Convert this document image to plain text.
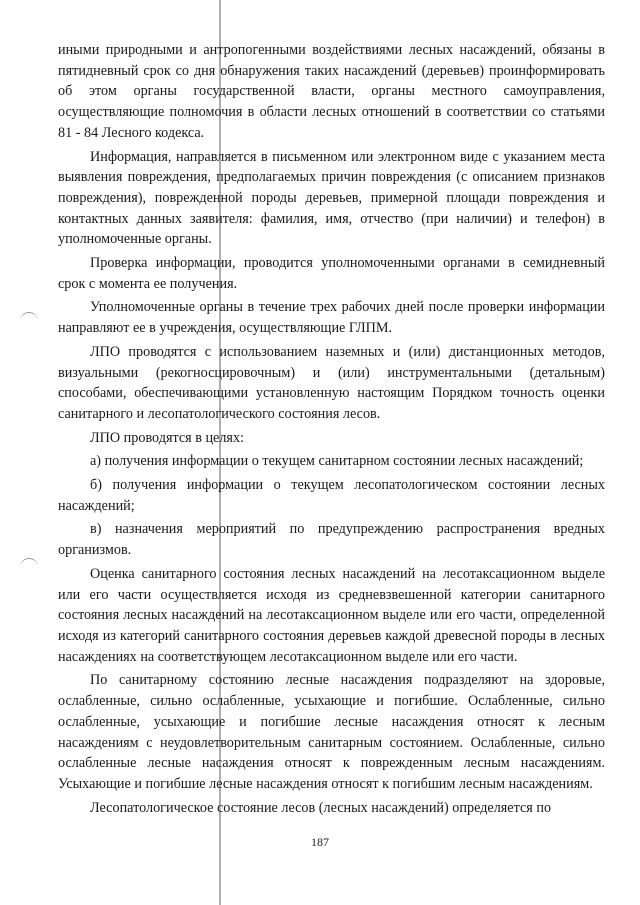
иными природными и антропогенными воздействиями лесных насаждений, обязаны в пятидневный срок со дня обнаружения таких насаждений (деревьев) проинформировать об этом органы государственной власти, органы местного самоуправления, осуществляющие полномочия в области лесных отношений в соответствии со статьями 81 - 84 Лесного кодекса.

Информация, направляется в письменном или электронном виде с указанием места выявления повреждения, предполагаемых причин повреждения (с описанием признаков повреждения), поврежденной породы деревьев, примерной площади повреждения и контактных данных заявителя: фамилия, имя, отчество (при наличии) и телефон) в уполномоченные органы.

Проверка информации, проводится уполномоченными органами в семидневный срок с момента ее получения.

Уполномоченные органы в течение трех рабочих дней после проверки информации направляют ее в учреждения, осуществляющие ГЛПМ.

ЛПО проводятся с использованием наземных и (или) дистанционных методов, визуальными (рекогносцировочным) и (или) инструментальными (детальным) способами, обеспечивающими установленную настоящим Порядком точность оценки санитарного и лесопатологического состояния лесов.

ЛПО проводятся в целях:

а) получения информации о текущем санитарном состоянии лесных насаждений;

б) получения информации о текущем лесопатологическом состоянии лесных насаждений;

в) назначения мероприятий по предупреждению распространения вредных организмов.

Оценка санитарного состояния лесных насаждений на лесотаксационном выделе или его части осуществляется исходя из средневзвешенной категории санитарного состояния лесных насаждений на лесотаксационном выделе или его части, определенной исходя из категорий санитарного состояния деревьев каждой древесной породы в лесных насаждениях на соответствующем лесотаксационном выделе или его части.

По санитарному состоянию лесные насаждения подразделяют на здоровые, ослабленные, сильно ослабленные, усыхающие и погибшие. Ослабленные, сильно ослабленные, усыхающие и погибшие лесные насаждения относят к лесным насаждениям с неудовлетворительным санитарным состоянием. Ослабленные, сильно ослабленные лесные насаждения относят к поврежденным лесным насаждениям. Усыхающие и погибшие лесные насаждения относят к погибшим лесным насаждениям.

Лесопатологическое состояние лесов (лесных насаждений) определяется по

187
